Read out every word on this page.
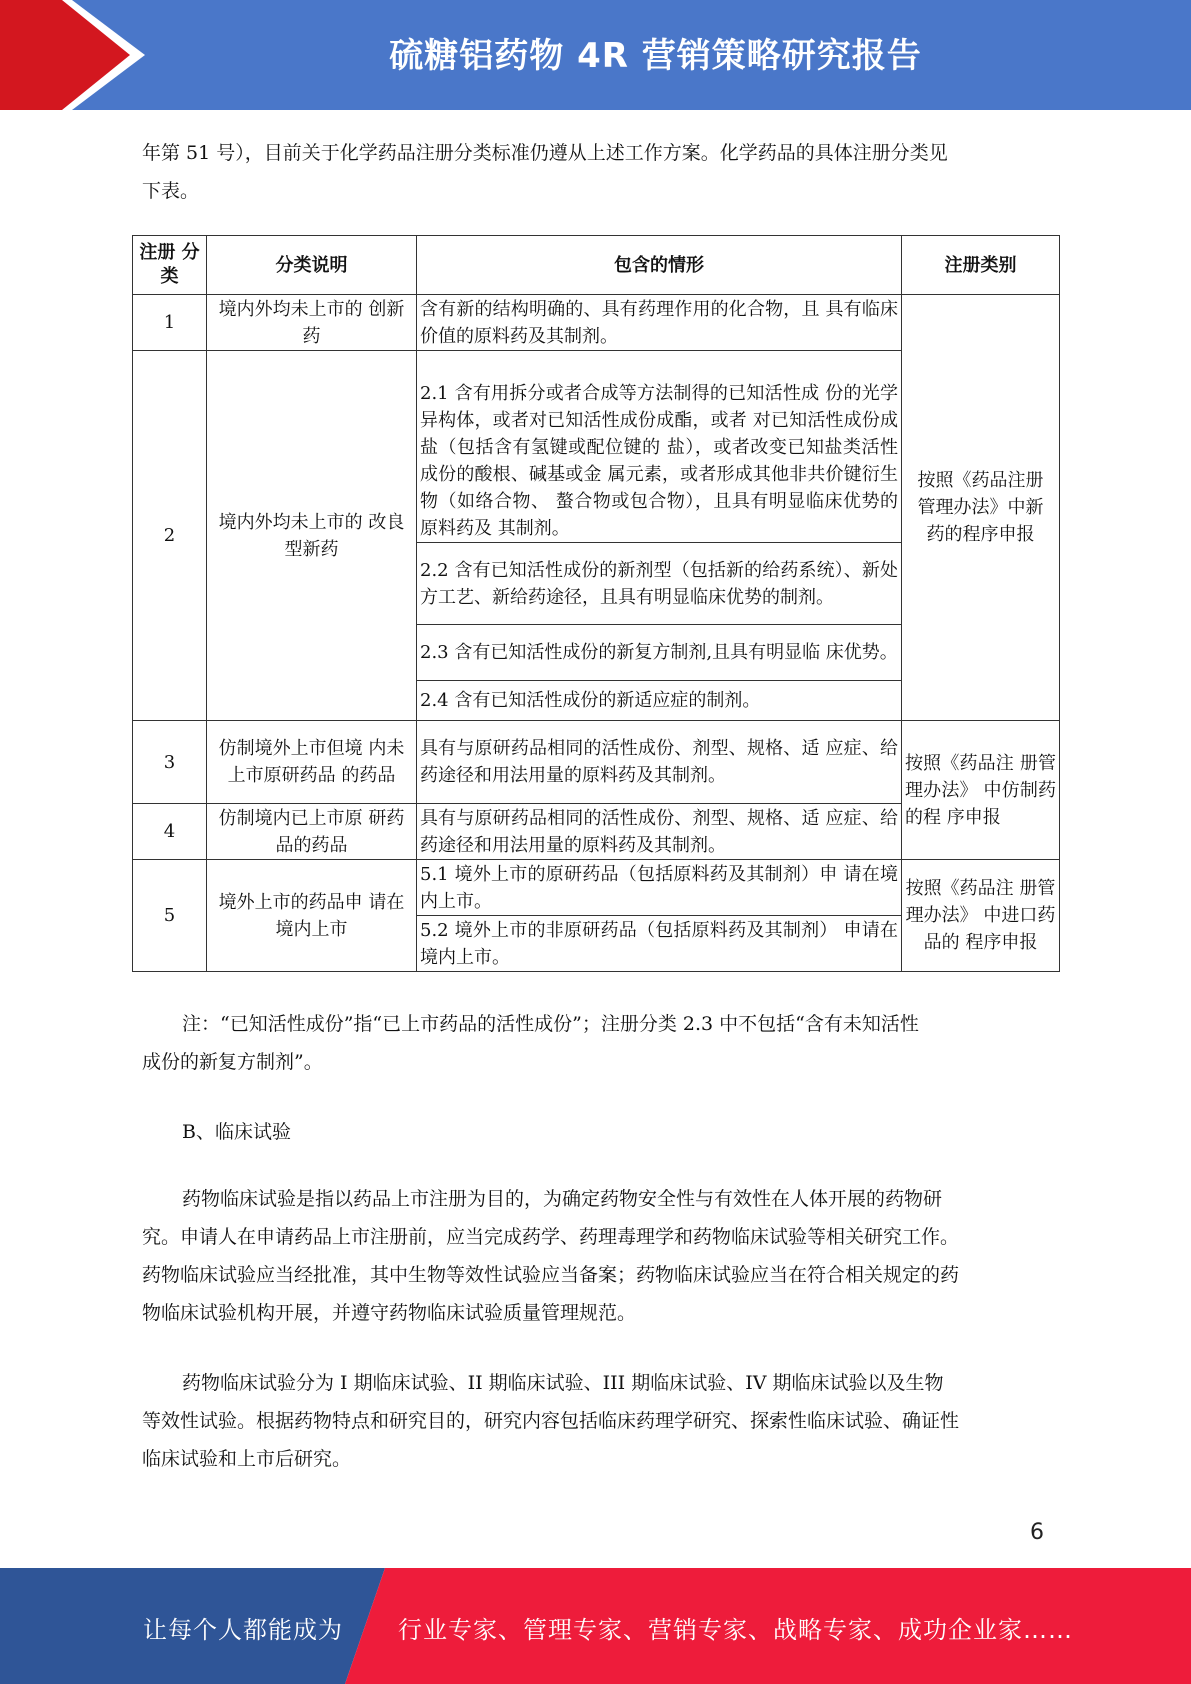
硫糖铝药物 4R 营销策略研究报告
年第 51 号），目前关于化学药品注册分类标准仍遵从上述工作方案。化学药品的具体注册分类见
下表。
注册 分类	分类说明	包含的情形	注册类别
1	境内外均未上市的 创新药	含有新的结构明确的、具有药理作用的化合物，且 具有临床价值的原料药及其制剂。	按照《药品注册管理办法》中新药的程序申报
2	境内外均未上市的 改良型新药	2.1 含有用拆分或者合成等方法制得的已知活性成 份的光学异构体，或者对已知活性成份成酯，或者 对已知活性成份成盐（包括含有氢键或配位键的 盐），或者改变已知盐类活性成份的酸根、碱基或金 属元素，或者形成其他非共价键衍生物（如络合物、 螯合物或包合物），且具有明显临床优势的原料药及 其制剂。	
		2.2 含有已知活性成份的新剂型（包括新的给药系统）、新处方工艺、新给药途径，且具有明显临床优势的制剂。	
		2.3 含有已知活性成份的新复方制剂,且具有明显临 床优势。	
		2.4 含有已知活性成份的新适应症的制剂。	
3	仿制境外上市但境 内未上市原研药品 的药品	具有与原研药品相同的活性成份、剂型、规格、适 应症、给药途径和用法用量的原料药及其制剂。	按照《药品注 册管理办法》 中仿制药的程 序申报
4	仿制境内已上市原 研药品的药品	具有与原研药品相同的活性成份、剂型、规格、适 应症、给药途径和用法用量的原料药及其制剂。	
5	境外上市的药品申 请在境内上市	5.1 境外上市的原研药品（包括原料药及其制剂）申 请在境内上市。	按照《药品注 册管理办法》 中进口药品的 程序申报
		5.2 境外上市的非原研药品（包括原料药及其制剂） 申请在境内上市。	
注：“已知活性成份”指“已上市药品的活性成份”；注册分类 2.3 中不包括“含有未知活性
成份的新复方制剂”。
B、临床试验
药物临床试验是指以药品上市注册为目的，为确定药物安全性与有效性在人体开展的药物研
究。申请人在申请药品上市注册前，应当完成药学、药理毒理学和药物临床试验等相关研究工作。
药物临床试验应当经批准，其中生物等效性试验应当备案；药物临床试验应当在符合相关规定的药
物临床试验机构开展，并遵守药物临床试验质量管理规范。
药物临床试验分为 I 期临床试验、II 期临床试验、III 期临床试验、IV 期临床试验以及生物
等效性试验。根据药物特点和研究目的，研究内容包括临床药理学研究、探索性临床试验、确证性
临床试验和上市后研究。
6
让每个人都能成为 行业专家、管理专家、营销专家、战略专家、成功企业家……
